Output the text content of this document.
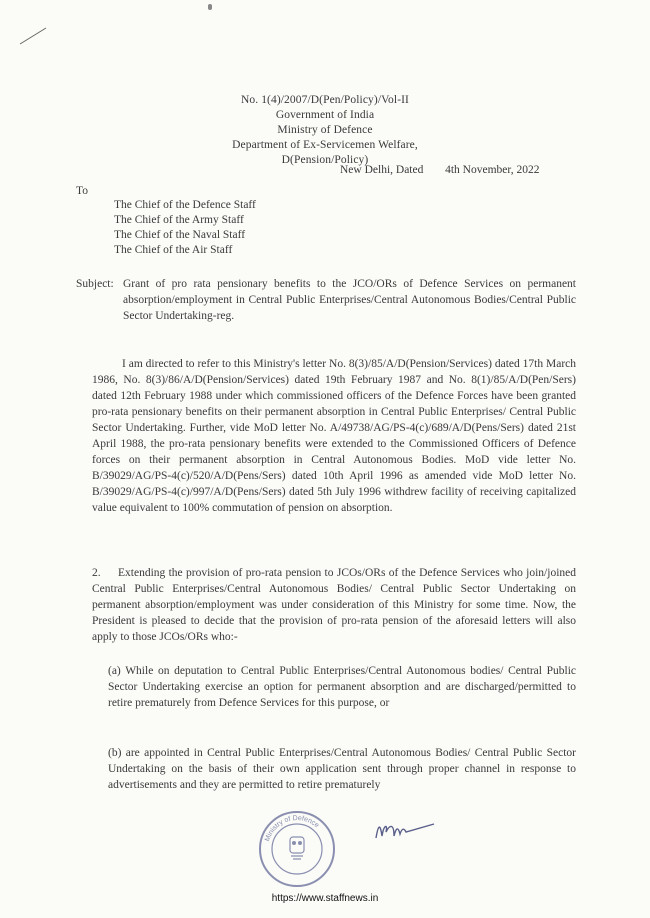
No. 1(4)/2007/D(Pen/Policy)/Vol-II
Government of India
Ministry of Defence
Department of Ex-Servicemen Welfare,
D(Pension/Policy)
New Delhi, Dated 4th November, 2022
To
The Chief of the Defence Staff
The Chief of the Army Staff
The Chief of the Naval Staff
The Chief of the Air Staff
Subject: Grant of pro rata pensionary benefits to the JCO/ORs of Defence Services on permanent absorption/employment in Central Public Enterprises/Central Autonomous Bodies/Central Public Sector Undertaking-reg.
I am directed to refer to this Ministry's letter No. 8(3)/85/A/D(Pension/Services) dated 17th March 1986, No. 8(3)/86/A/D(Pension/Services) dated 19th February 1987 and No. 8(1)/85/A/D(Pen/Sers) dated 12th February 1988 under which commissioned officers of the Defence Forces have been granted pro-rata pensionary benefits on their permanent absorption in Central Public Enterprises/ Central Public Sector Undertaking. Further, vide MoD letter No. A/49738/AG/PS-4(c)/689/A/D(Pens/Sers) dated 21st April 1988, the pro-rata pensionary benefits were extended to the Commissioned Officers of Defence forces on their permanent absorption in Central Autonomous Bodies. MoD vide letter No. B/39029/AG/PS-4(c)/520/A/D(Pens/Sers) dated 10th April 1996 as amended vide MoD letter No. B/39029/AG/PS-4(c)/997/A/D(Pens/Sers) dated 5th July 1996 withdrew facility of receiving capitalized value equivalent to 100% commutation of pension on absorption.
2. Extending the provision of pro-rata pension to JCOs/ORs of the Defence Services who join/joined Central Public Enterprises/Central Autonomous Bodies/ Central Public Sector Undertaking on permanent absorption/employment was under consideration of this Ministry for some time. Now, the President is pleased to decide that the provision of pro-rata pension of the aforesaid letters will also apply to those JCOs/ORs who:-
(a) While on deputation to Central Public Enterprises/Central Autonomous bodies/ Central Public Sector Undertaking exercise an option for permanent absorption and are discharged/permitted to retire prematurely from Defence Services for this purpose, or
(b) are appointed in Central Public Enterprises/Central Autonomous Bodies/ Central Public Sector Undertaking on the basis of their own application sent through proper channel in response to advertisements and they are permitted to retire prematurely
Ministry of Defence
https://www.staffnews.in
